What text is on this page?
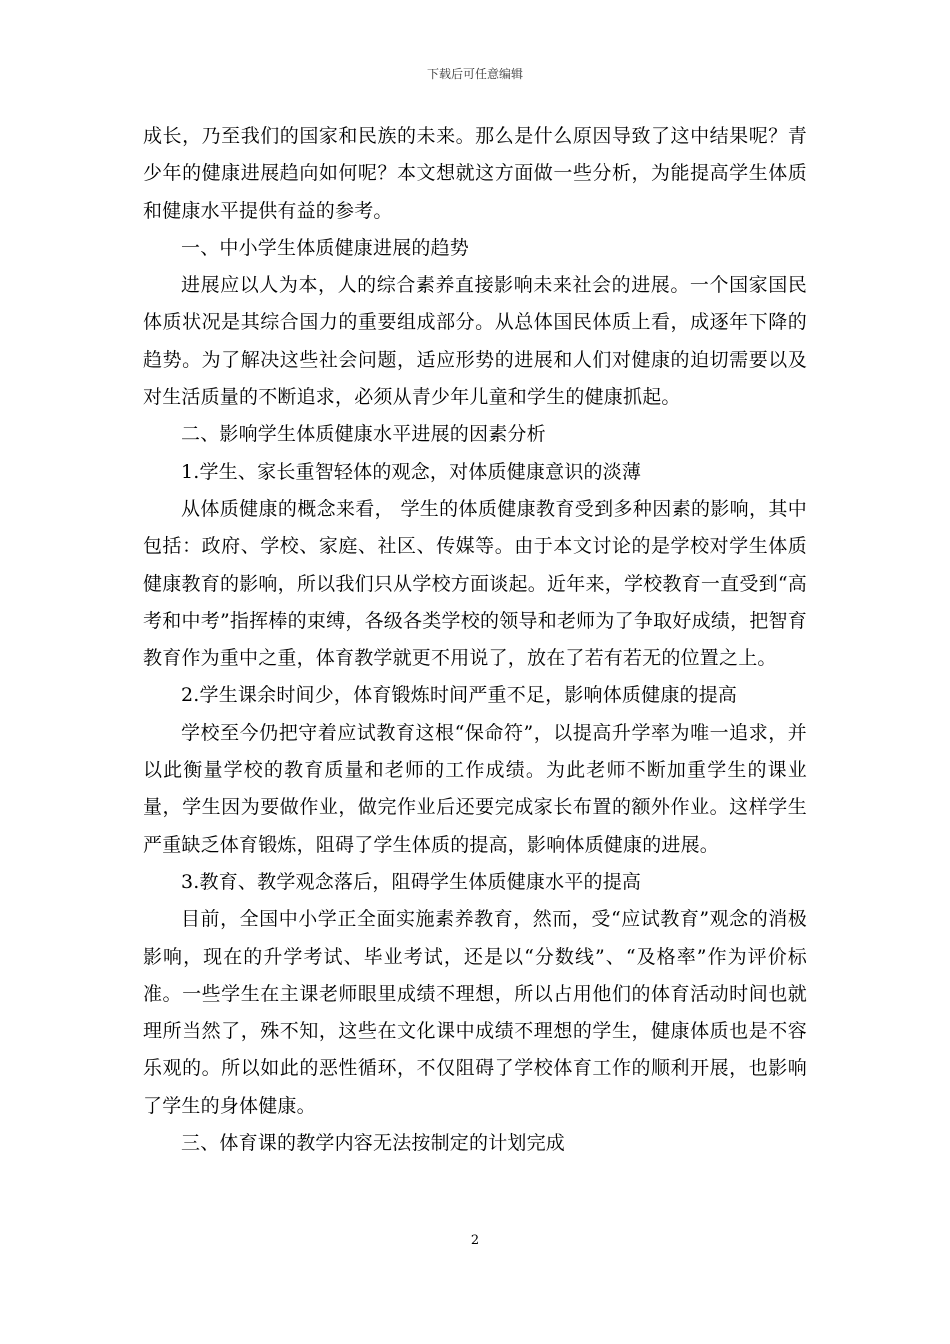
下载后可任意编辑

成长，乃至我们的国家和民族的未来。那么是什么原因导致了这中结果呢？青少年的健康进展趋向如何呢？本文想就这方面做一些分析，为能提高学生体质和健康水平提供有益的参考。

一、中小学生体质健康进展的趋势

进展应以人为本，人的综合素养直接影响未来社会的进展。一个国家国民体质状况是其综合国力的重要组成部分。从总体国民体质上看，成逐年下降的趋势。为了解决这些社会问题，适应形势的进展和人们对健康的迫切需要以及对生活质量的不断追求，必须从青少年儿童和学生的健康抓起。

二、影响学生体质健康水平进展的因素分析

1.学生、家长重智轻体的观念，对体质健康意识的淡薄

从体质健康的概念来看， 学生的体质健康教育受到多种因素的影响，其中包括：政府、学校、家庭、社区、传媒等。由于本文讨论的是学校对学生体质健康教育的影响，所以我们只从学校方面谈起。近年来，学校教育一直受到“高考和中考”指挥棒的束缚，各级各类学校的领导和老师为了争取好成绩，把智育教育作为重中之重，体育教学就更不用说了，放在了若有若无的位置之上。

2.学生课余时间少，体育锻炼时间严重不足，影响体质健康的提高

学校至今仍把守着应试教育这根“保命符”，以提高升学率为唯一追求，并以此衡量学校的教育质量和老师的工作成绩。为此老师不断加重学生的课业量，学生因为要做作业，做完作业后还要完成家长布置的额外作业。这样学生严重缺乏体育锻炼，阻碍了学生体质的提高，影响体质健康的进展。

3.教育、教学观念落后，阻碍学生体质健康水平的提高

目前，全国中小学正全面实施素养教育，然而，受“应试教育”观念的消极影响，现在的升学考试、毕业考试，还是以“分数线”、“及格率”作为评价标准。一些学生在主课老师眼里成绩不理想，所以占用他们的体育活动时间也就理所当然了，殊不知，这些在文化课中成绩不理想的学生，健康体质也是不容乐观的。所以如此的恶性循环，不仅阻碍了学校体育工作的顺利开展，也影响了学生的身体健康。

三、体育课的教学内容无法按制定的计划完成

2
